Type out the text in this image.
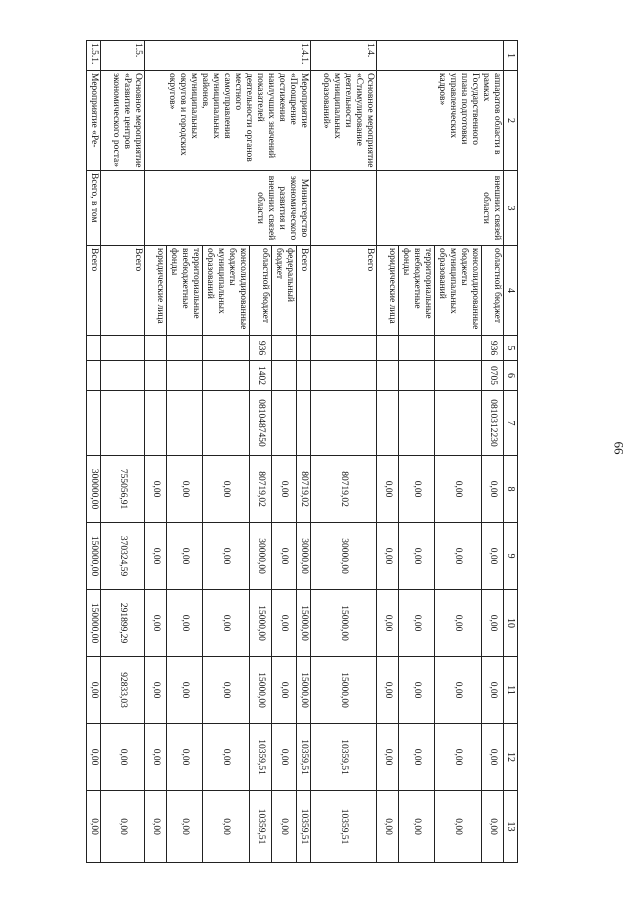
66
1	2	3	4	5	6	7	8	9	10	11	12	13
	аппаратов области в рамках Государственного плана подготовки управленческих кадров»	внешних связей области	областной бюджет	936	0705	0810312230	0,00	0,00	0,00	0,00	0,00	0,00
			консолидированные бюджеты муниципальных образований				0,00	0,00	0,00	0,00	0,00	0,00
			территориальные внебюджетные фонды				0,00	0,00	0,00	0,00	0,00	0,00
			юридические лица				0,00	0,00	0,00	0,00	0,00	0,00
1.4.	Основное мероприятие «Стимулирование деятельности муниципальных образований»		Всего				80719,02	30000,00	15000,00	15000,00	10359,51	10359,51
1.4.1.	Мероприятие «Поощрение достижения наилучших значений показателей деятельности органов местного самоуправления муниципальных районов, муниципальных округов и городских округов»	Министерство экономического развития и внешних связей области	Всего				80719,02	30000,00	15000,00	15000,00	10359,51	10359,51
			федеральный бюджет				0,00	0,00	0,00	0,00	0,00	0,00
			областной бюджет	936	1402	0810487450	80719,02	30000,00	15000,00	15000,00	10359,51	10359,51
			консолидированные бюджеты муниципальных образований				0,00	0,00	0,00	0,00	0,00	0,00
			территориальные внебюджетные фонды				0,00	0,00	0,00	0,00	0,00	0,00
			юридические лица				0,00	0,00	0,00	0,00	0,00	0,00
1.5.	Основное мероприятие «Развитие центров экономического роста»		Всего				755056,91	370324,59	291899,29	92833,03	0,00	0,00
1.5.1.	Мероприятие «Ре-	Всего, в том	Всего				300000,00	150000,00	150000,00	0,00	0,00	0,00
